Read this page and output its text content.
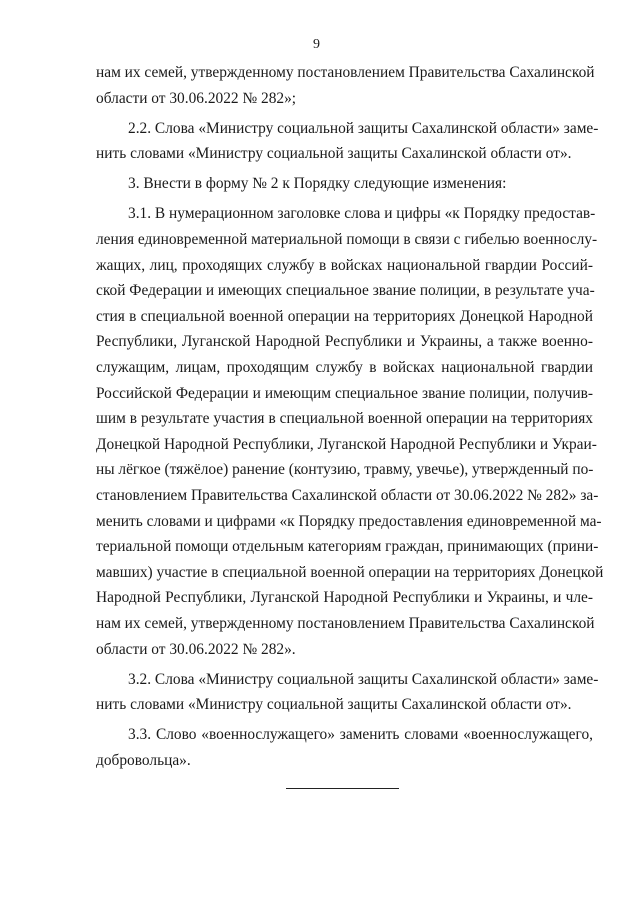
9
нам их семей, утвержденному постановлением Правительства Сахалинской
области от 30.06.2022 № 282»;
2.2. Слова «Министру социальной защиты Сахалинской области» заме-
нить словами «Министру социальной защиты Сахалинской области от».
3. Внести в форму № 2 к Порядку следующие изменения:
3.1. В нумерационном заголовке слова и цифры «к Порядку предостав-
ления единовременной материальной помощи в связи с гибелью военнослу-
жащих, лиц, проходящих службу в войсках национальной гвардии Россий-
ской Федерации и имеющих специальное звание полиции, в результате уча-
стия в специальной военной операции на территориях Донецкой Народной
Республики, Луганской Народной Республики и Украины, а также военно-
служащим, лицам, проходящим службу в войсках национальной гвардии
Российской Федерации и имеющим специальное звание полиции, получив-
шим в результате участия в специальной военной операции на территориях
Донецкой Народной Республики, Луганской Народной Республики и Украи-
ны лёгкое (тяжёлое) ранение (контузию, травму, увечье), утвержденный по-
становлением Правительства Сахалинской области от 30.06.2022 № 282» за-
менить словами и цифрами «к Порядку предоставления единовременной ма-
териальной помощи отдельным категориям граждан, принимающих (прини-
мавших) участие в специальной военной операции на территориях Донецкой
Народной Республики, Луганской Народной Республики и Украины, и чле-
нам их семей, утвержденному постановлением Правительства Сахалинской
области от 30.06.2022 № 282».
3.2. Слова «Министру социальной защиты Сахалинской области» заме-
нить словами «Министру социальной защиты Сахалинской области от».
3.3. Слово «военнослужащего» заменить словами «военнослужащего,
добровольца».
